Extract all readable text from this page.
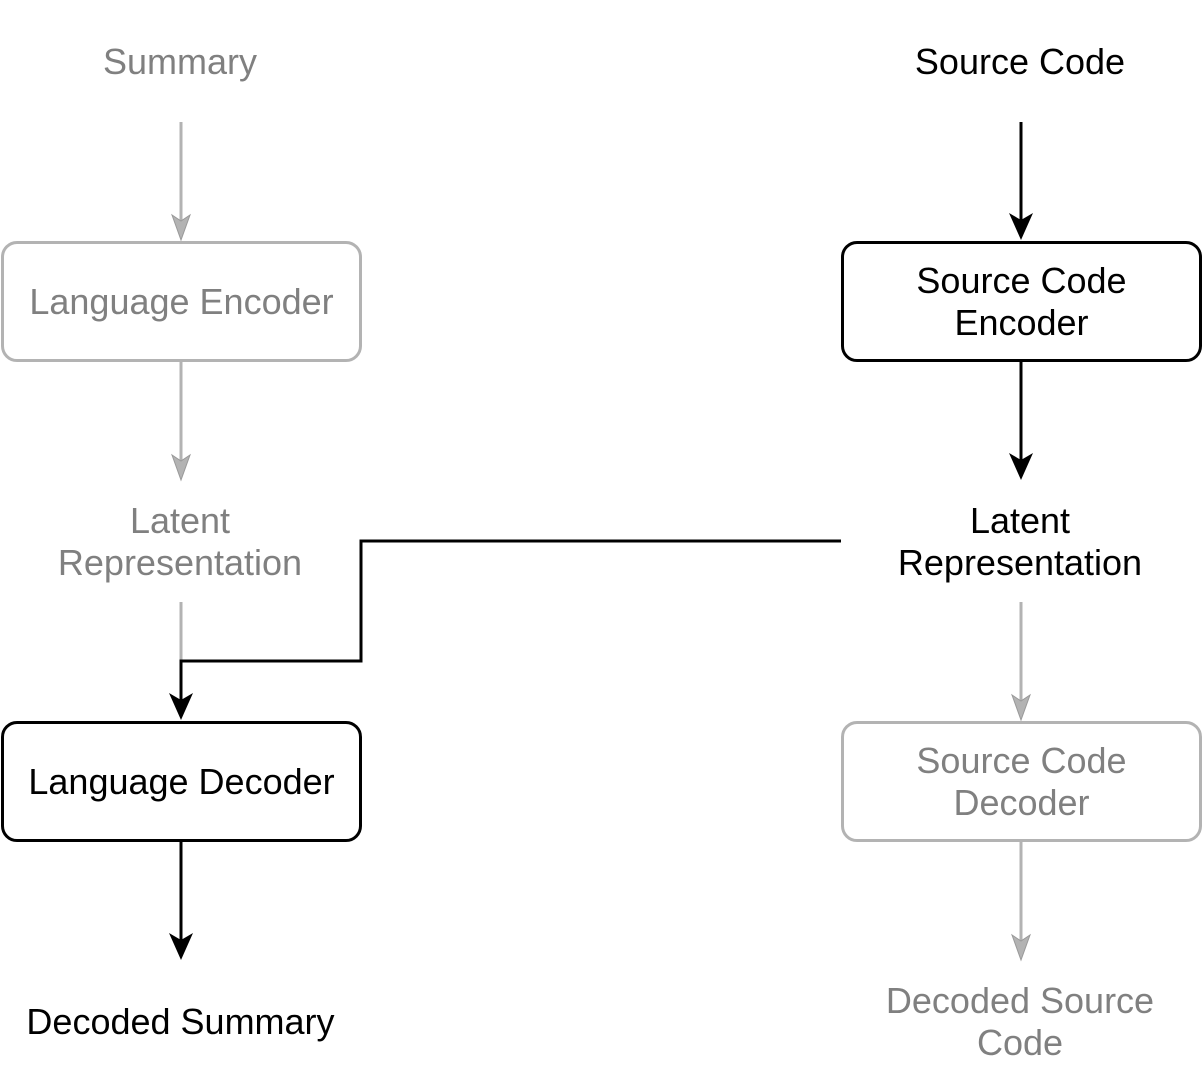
Summary
Language Encoder
Latent
Representation
Language Decoder
Decoded Summary
Source Code
Source Code
Encoder
Latent
Representation
Source Code
Decoder
Decoded Source
Code
